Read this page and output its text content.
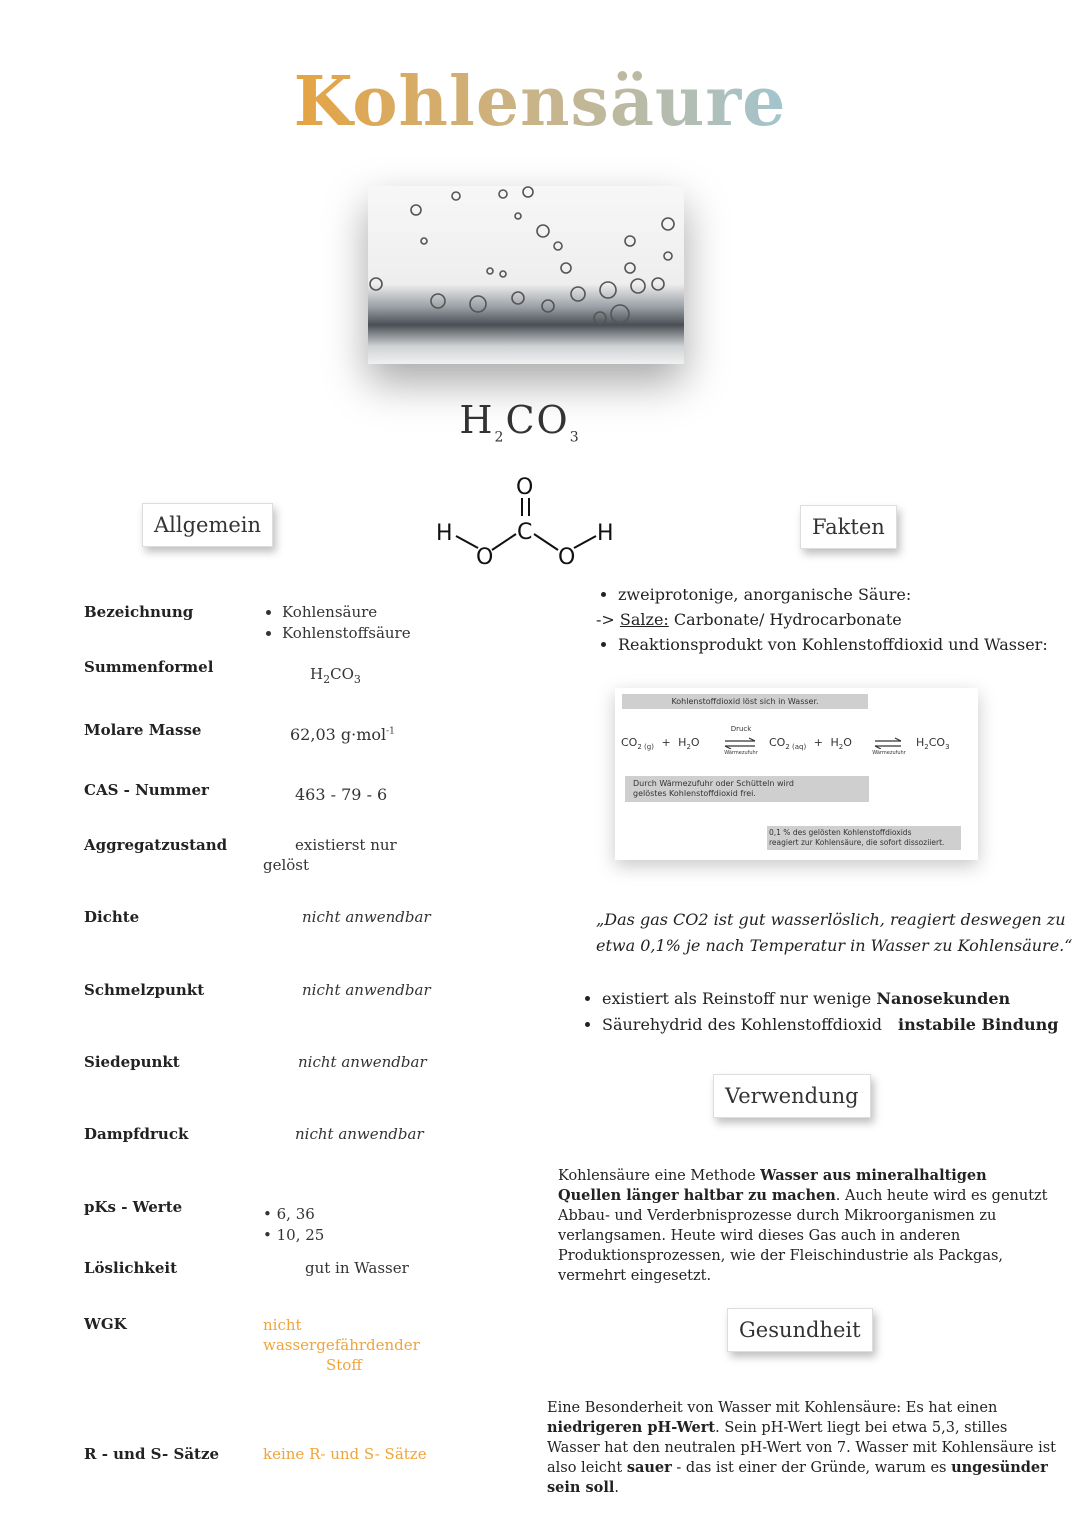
Kohlensäure
$H_2CO_3$
O
C
O	O
H	H
Allgemein	Fakten
Verwendung
Gesundheit
Bezeichnung	• Kohlensäure
• Kohlenstoffsäure
Summenformel	$H_2CO_3$
Molare Masse	62,03 g·mol$^{-1}$
CAS - Nummer	463 - 79 - 6
Aggregatzustand	existierst nur
gelöst
Dichte	nicht anwendbar
Schmelzpunkt	nicht anwendbar
Siedepunkt	nicht anwendbar
Dampfdruck	nicht anwendbar
pKs - Werte	• 6, 36
• 10, 25
Löslichkeit	gut in Wasser
WGK	nicht
wassergefährdender
Stoff
R - und S- Sätze	keine R- und S- Sätze
• zweiprotonige, anorganische Säure:
-> Salze: Carbonate/ Hydrocarbonate
• Reaktionsprodukt von Kohlenstoffdioxid und Wasser:
Kohlenstoffdioxid löst sich in Wasser.
$CO_{2 (g)} + H_2O$
Druck
Wärmezufuhr
$CO_{2 (aq)} + H_2O$ ⇌
Wärmezufuhr
$H_2CO_3$
Durch Wärmezufuhr oder Schütteln wird
gelöstes Kohlenstoffdioxid frei.
0,1 % des gelösten Kohlenstoffdioxids
reagiert zur Kohlensäure, die sofort dissoziiert.
„Das gas CO2 ist gut wasserlöslich, reagiert deswegen zu
etwa 0,1% je nach Temperatur in Wasser zu Kohlensäure.“
• existiert als Reinstoff nur wenige Nanosekunden
• Säurehydrid des Kohlenstoffdioxid instabile Bindung
Kohlensäure eine Methode Wasser aus mineralhaltigen Quellen länger haltbar zu machen. Auch heute wird es genutzt Abbau- und Verderbnisprozesse durch Mikroorganismen zu verlangsamen. Heute wird dieses Gas auch in anderen Produktionsprozessen, wie der Fleischindustrie als Packgas, vermehrt eingesetzt.
Eine Besonderheit von Wasser mit Kohlensäure: Es hat einen niedrigeren pH-Wert. Sein pH-Wert liegt bei etwa 5,3, stilles Wasser hat den neutralen pH-Wert von 7. Wasser mit Kohlensäure ist also leicht sauer - das ist einer der Gründe, warum es ungesünder sein soll.
